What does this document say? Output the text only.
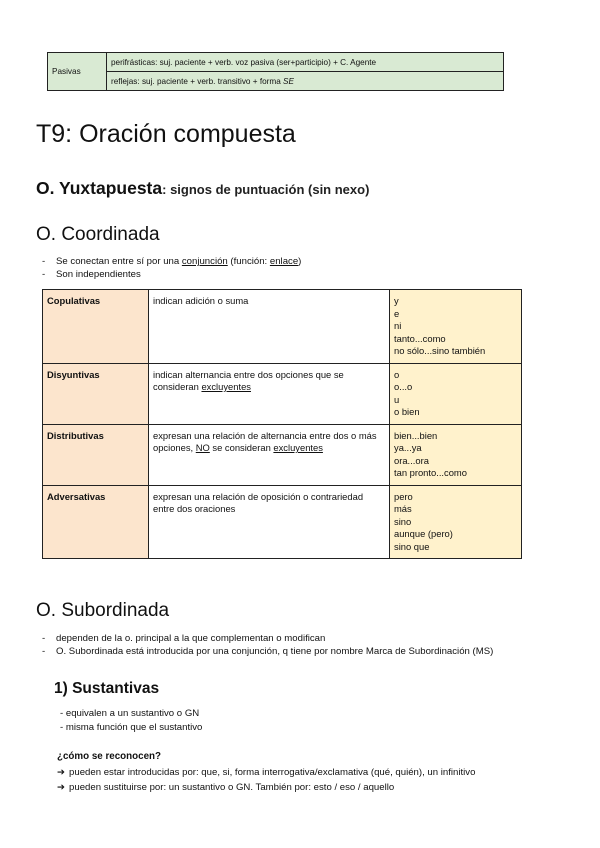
Pasivas	perifrásticas: suj. paciente + verb. voz pasiva (ser+participio) + C. Agente
reflejas: suj. paciente + verb. transitivo + forma SE
T9: Oración compuesta
O. Yuxtapuesta: signos de puntuación (sin nexo)
O. Coordinada
- Se conectan entre sí por una conjunción (función: enlace)
- Son independientes
Copulativas	indican adición o suma	y
e
ni
tanto...como
no sólo...sino también

Disyuntivas	indican alternancia entre dos opciones que se consideran excluyentes	o
o...o
u
o bien

Distributivas	expresan una relación de alternancia entre dos o más opciones, NO se consideran excluyentes	bien...bien
ya...ya
ora...ora
tan pronto...como

Adversativas	expresan una relación de oposición o contrariedad entre dos oraciones	pero
más
sino
aunque (pero)
sino que
O. Subordinada
- dependen de la o. principal a la que complementan o modifican
- O. Subordinada está introducida por una conjunción, q tiene por nombre Marca de Subordinación (MS)
1) Sustantivas
- equivalen a un sustantivo o GN
- misma función que el sustantivo

¿cómo se reconocen?

➔ pueden estar introducidas por: que, si, forma interrogativa/exclamativa (qué, quién), un infinitivo
➔ pueden sustituirse por: un sustantivo o GN. También por: esto / eso / aquello
